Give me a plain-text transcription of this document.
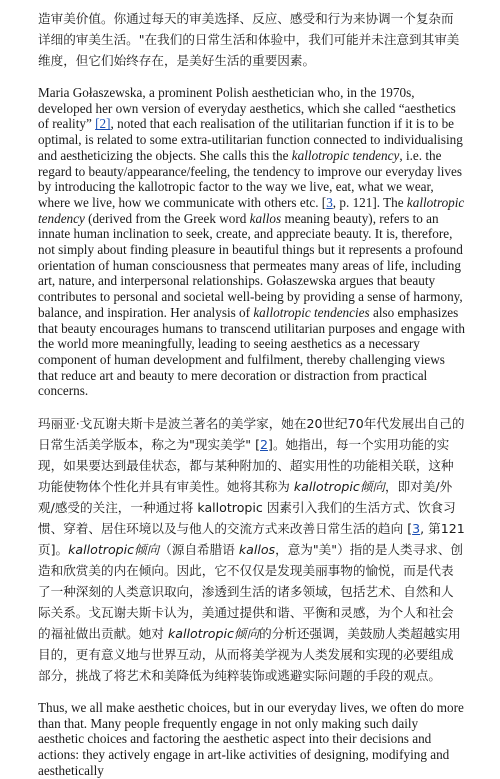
造审美价值。你通过每天的审美选择、反应、感受和行为来协调一个复杂而详细的审美生活。"在我们的日常生活和体验中，我们可能并未注意到其审美维度，但它们始终存在，是美好生活的重要因素。

Maria Gołaszewska, a prominent Polish aesthetician who, in the 1970s, developed her own version of everyday aesthetics, which she called “aesthetics of reality” [2], noted that each realisation of the utilitarian function if it is to be optimal, is related to some extra-utilitarian function connected to individualising and aestheticizing the objects. She calls this the kallotropic tendency, i.e. the regard to beauty/appearance/feeling, the tendency to improve our everyday lives by introducing the kallotropic factor to the way we live, eat, what we wear, where we live, how we communicate with others etc. [3, p. 121]. The kallotropic tendency (derived from the Greek word kallos meaning beauty), refers to an innate human inclination to seek, create, and appreciate beauty. It is, therefore, not simply about finding pleasure in beautiful things but it represents a profound orientation of human consciousness that permeates many areas of life, including art, nature, and interpersonal relationships. Gołaszewska argues that beauty contributes to personal and societal well-being by providing a sense of harmony, balance, and inspiration. Her analysis of kallotropic tendencies also emphasizes that beauty encourages humans to transcend utilitarian purposes and engage with the world more meaningfully, leading to seeing aesthetics as a necessary component of human development and fulfilment, thereby challenging views that reduce art and beauty to mere decoration or distraction from practical concerns.

玛丽亚·戈瓦谢夫斯卡是波兰著名的美学家，她在20世纪70年代发展出自己的日常生活美学版本，称之为"现实美学" [2]。她指出，每一个实用功能的实现，如果要达到最佳状态，都与某种附加的、超实用性的功能相关联，这种功能使物体个性化并具有审美性。她将其称为 kallotropic倾向，即对美/外观/感受的关注，一种通过将 kallotropic 因素引入我们的生活方式、饮食习惯、穿着、居住环境以及与他人的交流方式来改善日常生活的趋向 [3, 第121页]。kallotropic倾向（源自希腊语 kallos，意为"美"）指的是人类寻求、创造和欣赏美的内在倾向。因此，它不仅仅是发现美丽事物的愉悦，而是代表了一种深刻的人类意识取向，渗透到生活的诸多领域，包括艺术、自然和人际关系。戈瓦谢夫斯卡认为，美通过提供和谐、平衡和灵感，为个人和社会的福祉做出贡献。她对 kallotropic倾向的分析还强调，美鼓励人类超越实用目的，更有意义地与世界互动，从而将美学视为人类发展和实现的必要组成部分，挑战了将艺术和美降低为纯粹装饰或逃避实际问题的手段的观点。

Thus, we all make aesthetic choices, but in our everyday lives, we often do more than that. Many people frequently engage in not only making such daily aesthetic choices and factoring the aesthetic aspect into their decisions and actions: they actively engage in art-like activities of designing, modifying and aesthetically
